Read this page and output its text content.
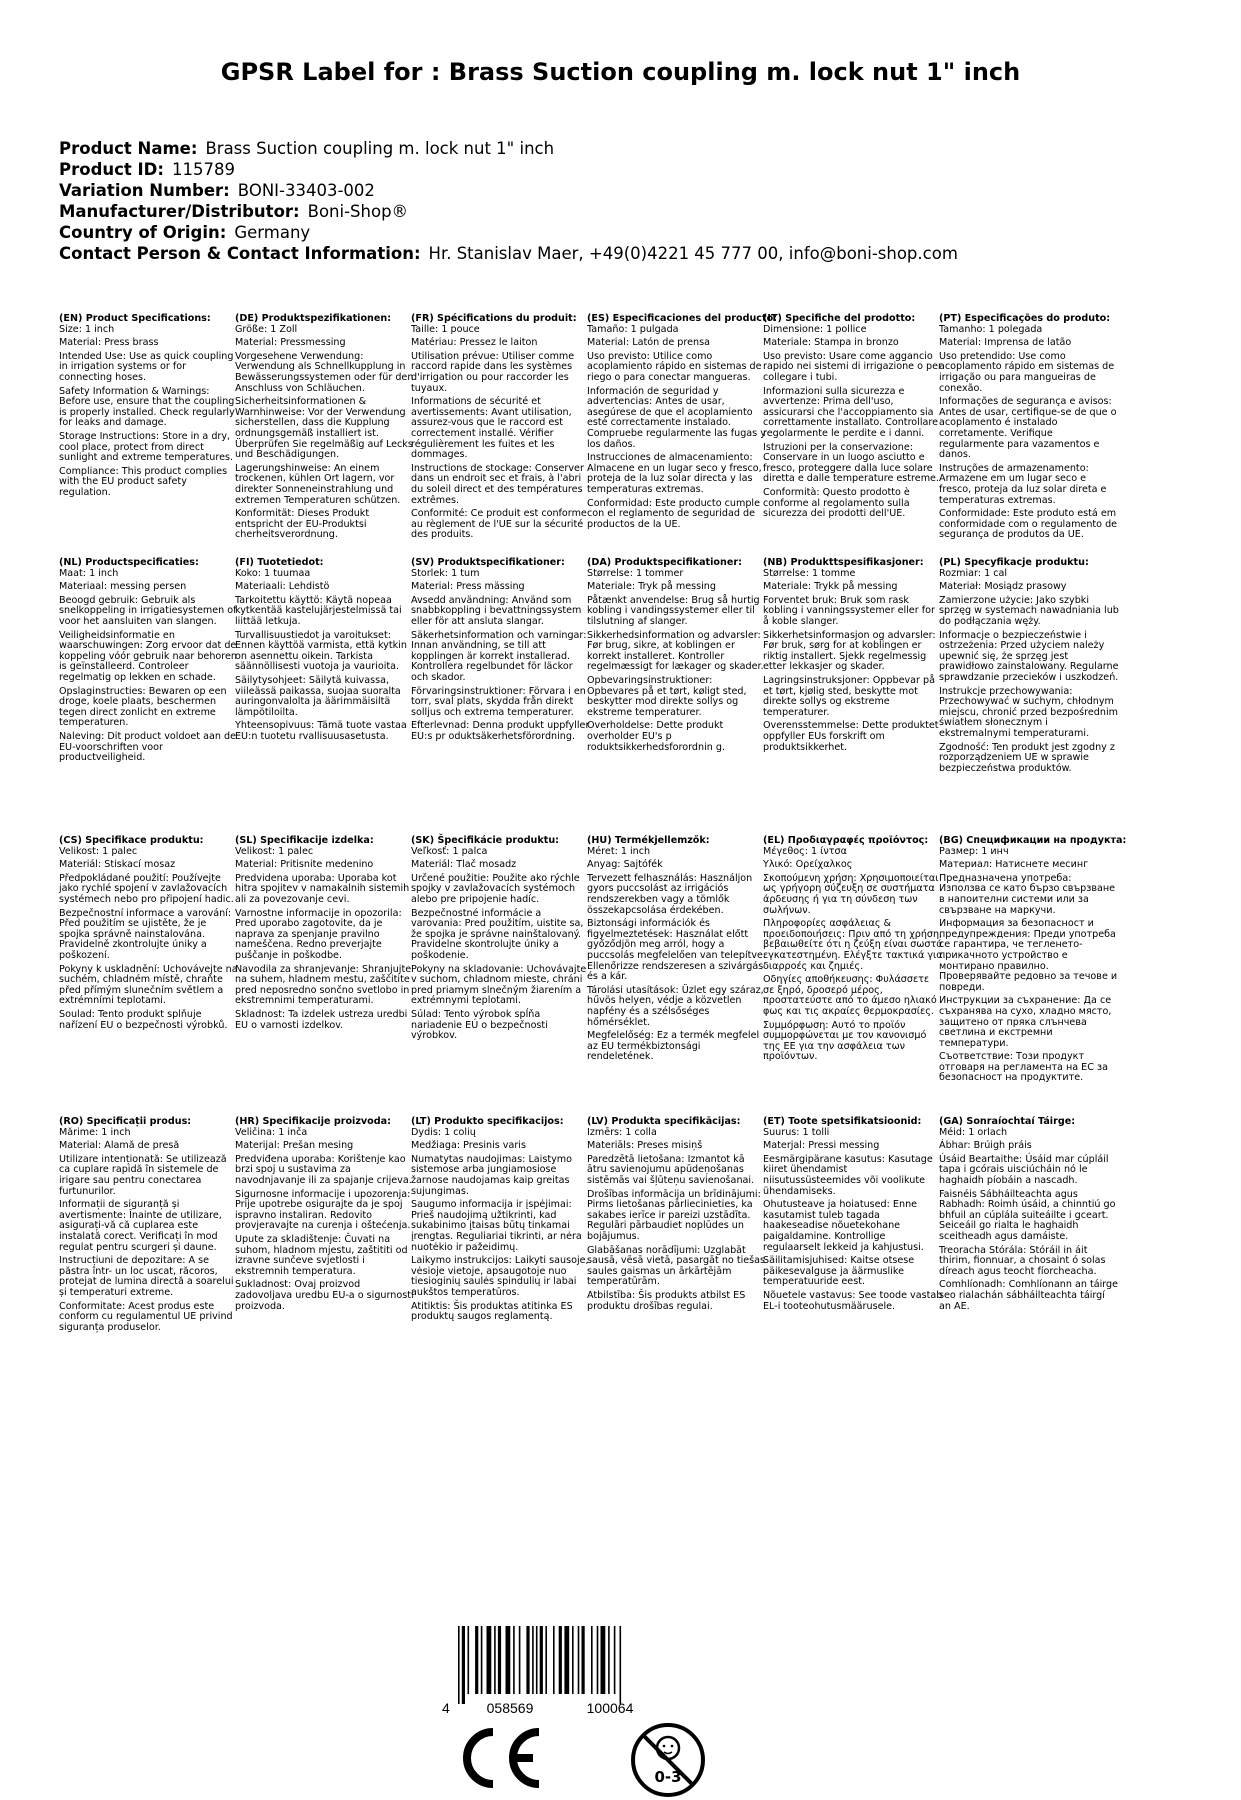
GPSR Label for : Brass Suction coupling m. lock nut 1" inch
Product Name: Brass Suction coupling m. lock nut 1" inch
Product ID: 115789
Variation Number: BONI-33403-002
Manufacturer/Distributor: Boni-Shop®
Country of Origin: Germany
Contact Person & Contact Information: Hr. Stanislav Maer, +49(0)4221 45 777 00, info@boni-shop.com
(EN) Product Specifications:

Size: 1 inch

Material: Press brass

Intended Use: Use as quick coupling in irrigation systems or for connecting hoses.

Safety Information & Warnings: Before use, ensure that the coupling is properly installed. Check regularly for leaks and damage.

Storage Instructions: Store in a dry, cool place, protect from direct sunlight and extreme temperatures.

Compliance: This product complies with the EU product safety regulation.

(DE) Produktspezifikationen:

Größe: 1 Zoll

Material: Pressmessing

Vorgesehene Verwendung: Verwendung als Schnellkupplung in Bewässerungssystemen oder für den Anschluss von Schläuchen.

Sicherheitsinformationen & Warnhinweise: Vor der Verwendung sicherstellen, dass die Kupplung ordnungsgemäß installiert ist. Überprüfen Sie regelmäßig auf Lecks und Beschädigungen.

Lagerungshinweise: An einem trockenen, kühlen Ort lagern, vor direkter Sonneneinstrahlung und extremen Temperaturen schützen.

Konformität: Dieses Produkt entspricht der EU-Produktsi cherheitsverordnung.

(FR) Spécifications du produit:

Taille: 1 pouce

Matériau: Pressez le laiton

Utilisation prévue: Utiliser comme raccord rapide dans les systèmes d'irrigation ou pour raccorder les tuyaux.

Informations de sécurité et avertissements: Avant utilisation, assurez-vous que le raccord est correctement installé. Vérifier régulièrement les fuites et les dommages.

Instructions de stockage: Conserver dans un endroit sec et frais, à l'abri du soleil direct et des températures extrêmes.

Conformité: Ce produit est conforme au règlement de l'UE sur la sécurité des produits.

(ES) Especificaciones del producto:

Tamaño: 1 pulgada

Material: Latón de prensa

Uso previsto: Utilice como acoplamiento rápido en sistemas de riego o para conectar mangueras.

Información de seguridad y advertencias: Antes de usar, asegúrese de que el acoplamiento esté correctamente instalado. Compruebe regularmente las fugas y los daños.

Instrucciones de almacenamiento: Almacene en un lugar seco y fresco, proteja de la luz solar directa y las temperaturas extremas.

Conformidad: Este producto cumple con el reglamento de seguridad de productos de la UE.

(IT) Specifiche del prodotto:

Dimensione: 1 pollice

Materiale: Stampa in bronzo

Uso previsto: Usare come aggancio rapido nei sistemi di irrigazione o per collegare i tubi.

Informazioni sulla sicurezza e avvertenze: Prima dell'uso, assicurarsi che l'accoppiamento sia correttamente installato. Controllare regolarmente le perdite e i danni.

Istruzioni per la conservazione: Conservare in un luogo asciutto e fresco, proteggere dalla luce solare diretta e dalle temperature estreme.

Conformità: Questo prodotto è conforme al regolamento sulla sicurezza dei prodotti dell'UE.

(PT) Especificações do produto:

Tamanho: 1 polegada

Material: Imprensa de latão

Uso pretendido: Use como acoplamento rápido em sistemas de irrigação ou para mangueiras de conexão.

Informações de segurança e avisos: Antes de usar, certifique-se de que o acoplamento é instalado corretamente. Verifique regularmente para vazamentos e danos.

Instruções de armazenamento: Armazene em um lugar seco e fresco, proteja da luz solar direta e temperaturas extremas.

Conformidade: Este produto está em conformidade com o regulamento de segurança de produtos da UE.

(NL) Productspecificaties:

Maat: 1 inch

Materiaal: messing persen

Beoogd gebruik: Gebruik als snelkoppeling in irrigatiesystemen of voor het aansluiten van slangen.

Veiligheidsinformatie en waarschuwingen: Zorg ervoor dat de koppeling vóór gebruik naar behoren is geïnstalleerd. Controleer regelmatig op lekken en schade.

Opslaginstructies: Bewaren op een droge, koele plaats, beschermen tegen direct zonlicht en extreme temperaturen.

Naleving: Dit product voldoet aan de EU-voorschriften voor productveiligheid.

(FI) Tuotetiedot:

Koko: 1 tuumaa

Materiaali: Lehdistö

Tarkoitettu käyttö: Käytä nopeaa kytkentää kastelujärjestelmissä tai liittää letkuja.

Turvallisuustiedot ja varoitukset: Ennen käyttöä varmista, että kytkin on asennettu oikein. Tarkista säännöllisesti vuotoja ja vaurioita.

Säilytysohjeet: Säilytä kuivassa, viileässä paikassa, suojaa suoralta auringonvalolta ja äärimmäisiltä lämpötiloilta.

Yhteensopivuus: Tämä tuote vastaa EU:n tuotetu rvallisuusasetusta.

(SV) Produktspecifikationer:

Storlek: 1 tum

Material: Press mässing

Avsedd användning: Använd som snabbkoppling i bevattningssystem eller för att ansluta slangar.

Säkerhetsinformation och varningar: Innan användning, se till att kopplingen är korrekt installerad. Kontrollera regelbundet för läckor och skador.

Förvaringsinstruktioner: Förvara i en torr, sval plats, skydda från direkt solljus och extrema temperaturer.

Efterlevnad: Denna produkt uppfyller EU:s pr oduktsäkerhetsförordning.

(DA) Produktspecifikationer:

Størrelse: 1 tommer

Materiale: Tryk på messing

Påtænkt anvendelse: Brug så hurtig kobling i vandingssystemer eller til tilslutning af slanger.

Sikkerhedsinformation og advarsler: Før brug, sikre, at koblingen er korrekt installeret. Kontroller regelmæssigt for lækager og skader.

Opbevaringsinstruktioner: Opbevares på et tørt, køligt sted, beskytter mod direkte sollys og ekstreme temperaturer.

Overholdelse: Dette produkt overholder EU's p roduktsikkerhedsforordnin g.

(NB) Produkttspesifikasjoner:

Størrelse: 1 tomme

Materiale: Trykk på messing

Forventet bruk: Bruk som rask kobling i vanningssystemer eller for å koble slanger.

Sikkerhetsinformasjon og advarsler: Før bruk, sørg for at koblingen er riktig installert. Sjekk regelmessig etter lekkasjer og skader.

Lagringsinstruksjoner: Oppbevar på et tørt, kjølig sted, beskytte mot direkte sollys og ekstreme temperaturer.

Overensstemmelse: Dette produktet oppfyller EUs forskrift om produktsikkerhet.

(PL) Specyfikacje produktu:

Rozmiar: 1 cal

Materiał: Mosiądz prasowy

Zamierzone użycie: Jako szybki sprzęg w systemach nawadniania lub do podłączania węży.

Informacje o bezpieczeństwie i ostrzeżenia: Przed użyciem należy upewnić się, że sprzęg jest prawidłowo zainstalowany. Regularne sprawdzanie przecieków i uszkodzeń.

Instrukcje przechowywania: Przechowywać w suchym, chłodnym miejscu, chronić przed bezpośrednim światłem słonecznym i ekstremalnymi temperaturami.

Zgodność: Ten produkt jest zgodny z rozporządzeniem UE w sprawie bezpieczeństwa produktów.

(CS) Specifikace produktu:

Velikost: 1 palec

Materiál: Stiskací mosaz

Předpokládané použití: Používejte jako rychlé spojení v zavlažovacích systémech nebo pro připojení hadic.

Bezpečnostní informace a varování: Před použitím se ujistěte, že je spojka správně nainstalována. Pravidelně zkontrolujte úniky a poškození.

Pokyny k uskladnění: Uchovávejte na suchém, chladném místě, chraňte před přímým slunečním světlem a extrémními teplotami.

Soulad: Tento produkt splňuje nařízení EU o bezpečnosti výrobků.

(SL) Specifikacije izdelka:

Velikost: 1 palec

Material: Pritisnite medenino

Predvidena uporaba: Uporaba kot hitra spojitev v namakalnih sistemih ali za povezovanje cevi.

Varnostne informacije in opozorila: Pred uporabo zagotovite, da je naprava za spenjanje pravilno nameščena. Redno preverjajte puščanje in poškodbe.

Navodila za shranjevanje: Shranjujte na suhem, hladnem mestu, zaščitite pred neposredno sončno svetlobo in ekstremnimi temperaturami.

Skladnost: Ta izdelek ustreza uredbi EU o varnosti izdelkov.

(SK) Špecifikácie produktu:

Veľkosť: 1 palca

Materiál: Tlač mosadz

Určené použitie: Použite ako rýchle spojky v zavlažovacích systémoch alebo pre pripojenie hadíc.

Bezpečnostné informácie a varovania: Pred použitím, uistite sa, že spojka je správne nainštalovaný. Pravidelne skontrolujte úniky a poškodenie.

Pokyny na skladovanie: Uchovávajte v suchom, chladnom mieste, chráni pred priamym slnečným žiarením a extrémnymi teplotami.

Súlad: Tento výrobok spĺňa nariadenie EÚ o bezpečnosti výrobkov.

(HU) Termékjellemzők:

Méret: 1 inch

Anyag: Sajtófék

Tervezett felhasználás: Használjon gyors puccsolást az irrigációs rendszerekben vagy a tömlők összekapcsolása érdekében.

Biztonsági információk és figyelmeztetések: Használat előtt győződjön meg arról, hogy a puccsolás megfelelően van telepítve. Ellenőrizze rendszeresen a szivárgás és a kár.

Tárolási utasítások: Üzlet egy száraz, hűvös helyen, védje a közvetlen napfény és a szélsőséges hőmérséklet.

Megfelelőség: Ez a termék megfelel az EU termékbiztonsági rendeletének.

(EL) Προδιαγραφές προϊόντος:

Μέγεθος: 1 ίντσα

Υλικό: Ορείχαλκος

Σκοπούμενη χρήση: Χρησιμοποιείται ως γρήγορη σύζευξη σε συστήματα άρδευσης ή για τη σύνδεση των σωλήνων.

Πληροφορίες ασφάλειας & προειδοποιήσεις: Πριν από τη χρήση, βεβαιωθείτε ότι η ζεύξη είναι σωστά εγκατεστημένη. Ελέγξτε τακτικά για διαρροές και ζημιές.

Οδηγίες αποθήκευσης: Φυλάσσετε σε ξηρό, δροσερό μέρος, προστατεύστε από το άμεσο ηλιακό φως και τις ακραίες θερμοκρασίες.

Συμμόρφωση: Αυτό το προϊόν συμμορφώνεται με τον κανονισμό της ΕΕ για την ασφάλεια των προϊόντων.

(BG) Спецификации на продукта:

Размер: 1 инч

Материал: Натиснете месинг

Предназначена употреба: Използва се като бързо свързване в напоителни системи или за свързване на маркучи.

Информация за безопасност и предупреждения: Преди употреба се гарантира, че тегленето-прикачното устройство е монтирано правилно. Проверявайте редовно за течове и повреди.

Инструкции за съхранение: Да се съхранява на сухо, хладно място, защитено от пряка слънчева светлина и екстремни температури.

Съответствие: Този продукт отговаря на регламента на ЕС за безопасност на продуктите.

(RO) Specificații produs:

Mărime: 1 inch

Material: Alamă de presă

Utilizare intenționată: Se utilizează ca cuplare rapidă în sistemele de irigare sau pentru conectarea furtunurilor.

Informații de siguranță și avertismente: Înainte de utilizare, asigurați-vă că cuplarea este instalată corect. Verificați în mod regulat pentru scurgeri și daune.

Instrucțiuni de depozitare: A se păstra într- un loc uscat, răcoros, protejat de lumina directă a soarelui și temperaturi extreme.

Conformitate: Acest produs este conform cu regulamentul UE privind siguranța produselor.

(HR) Specifikacije proizvoda:

Veličina: 1 inča

Materijal: Prešan mesing

Predviđena uporaba: Korištenje kao brzi spoj u sustavima za navodnjavanje ili za spajanje crijeva.

Sigurnosne informacije i upozorenja: Prije upotrebe osigurajte da je spoj ispravno instaliran. Redovito provjeravajte na curenja i oštećenja.

Upute za skladištenje: Čuvati na suhom, hladnom mjestu, zaštititi od izravne sunčeve svjetlosti i ekstremnih temperatura.

Sukladnost: Ovaj proizvod zadovoljava uredbu EU-a o sigurnosti proizvoda.

(LT) Produkto specifikacijos:

Dydis: 1 colių

Medžiaga: Presinis varis

Numatytas naudojimas: Laistymo sistemose arba jungiamosiose žarnose naudojamas kaip greitas sujungimas.

Saugumo informacija ir įspėjimai: Prieš naudojimą užtikrinti, kad sukabinimo įtaisas būtų tinkamai įrengtas. Reguliariai tikrinti, ar nėra nuotėkio ir pažeidimų.

Laikymo instrukcijos: Laikyti sausoje, vėsioje vietoje, apsaugotoje nuo tiesioginių saulės spindulių ir labai aukštos temperatūros.

Atitiktis: Šis produktas atitinka ES produktų saugos reglamentą.

(LV) Produkta specifikācijas:

Izmērs: 1 colla

Materiāls: Preses misiņš

Paredzētā lietošana: Izmantot kā ātru savienojumu apūdeņošanas sistēmās vai šļūteņu savienošanai.

Drošības informācija un brīdinājumi: Pirms lietošanas pārliecinieties, ka sakabes ierīce ir pareizi uzstādīta. Regulāri pārbaudiet noplūdes un bojājumus.

Glabāšanas norādījumi: Uzglabāt sausā, vēsā vietā, pasargāt no tiešas saules gaismas un ārkārtējām temperatūrām.

Atbilstība: Šis produkts atbilst ES produktu drošības regulai.

(ET) Toote spetsifikatsioonid:

Suurus: 1 tolli

Materjal: Pressi messing

Eesmärgipärane kasutus: Kasutage kiiret ühendamist niisutussüsteemides või voolikute ühendamiseks.

Ohutusteave ja hoiatused: Enne kasutamist tuleb tagada haakeseadise nõuetekohane paigaldamine. Kontrollige regulaarselt lekkeid ja kahjustusi.

Säilitamisjuhised: Kaitse otsese päikesevalguse ja äärmuslike temperatuuride eest.

Nõuetele vastavus: See toode vastab EL-i tooteohutusmäärusele.

(GA) Sonraíochtaí Táirge:

Méid: 1 orlach

Ábhar: Brúigh práis

Úsáid Beartaithe: Úsáid mar cúpláil tapa i gcórais uisciúcháin nó le haghaidh píobáin a nascadh.

Faisnéis Sábháilteachta agus Rabhadh: Roimh úsáid, a chinntiú go bhfuil an cúplála suiteáilte i gceart. Seiceáil go rialta le haghaidh sceitheadh agus damáiste.

Treoracha Stórála: Stóráil in áit thirim, fionnuar, a chosaint ó solas díreach agus teocht fíorcheacha.

Comhlíonadh: Comhlíonann an táirge seo rialachán sábháilteachta táirgí an AE.

4	058569	100064
0-3
